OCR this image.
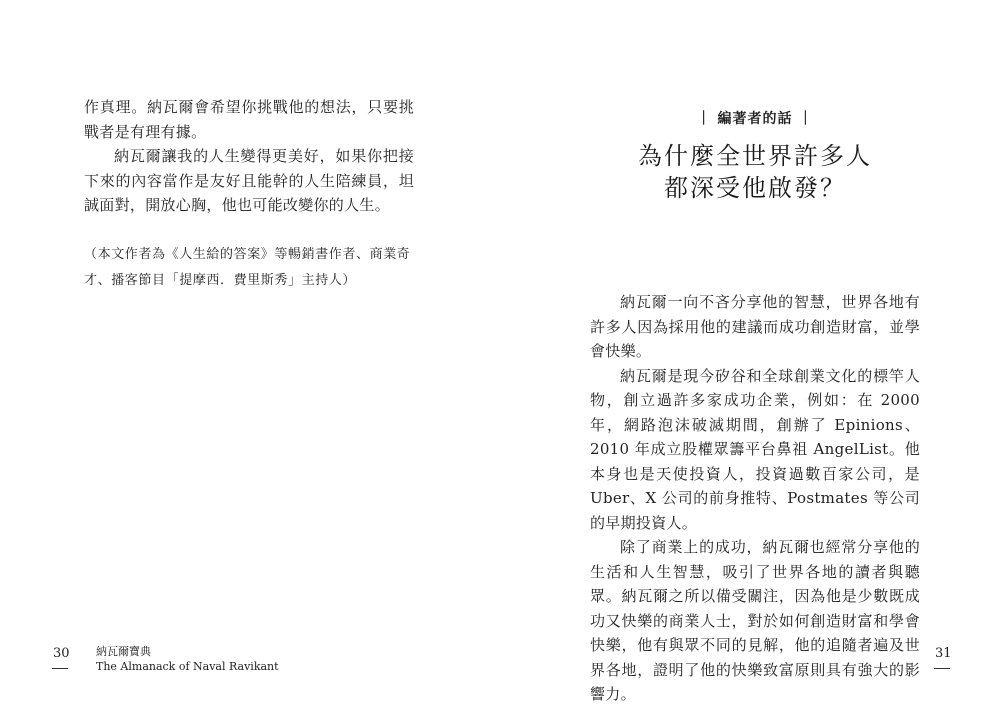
作真理。納瓦爾會希望你挑戰他的想法，只要挑戰者是有理有據。

納瓦爾讓我的人生變得更美好，如果你把接下來的內容當作是友好且能幹的人生陪練員，坦誠面對，開放心胸，他也可能改變你的人生。

（本文作者為《人生給的答案》等暢銷書作者、商業奇才、播客節目「提摩西．費里斯秀」主持人）

30 納瓦爾寶典
The Almanack of Naval Ravikant
｜ 編著者的話 ｜
為什麼全世界許多人
都深受他啟發？

納瓦爾一向不吝分享他的智慧，世界各地有許多人因為採用他的建議而成功創造財富，並學會快樂。

納瓦爾是現今矽谷和全球創業文化的標竿人物，創立過許多家成功企業，例如：在 2000 年，網路泡沫破滅期間，創辦了 Epinions、2010 年成立股權眾籌平台鼻祖 AngelList。他本身也是天使投資人，投資過數百家公司，是 Uber、X 公司的前身推特、Postmates 等公司的早期投資人。

除了商業上的成功，納瓦爾也經常分享他的生活和人生智慧，吸引了世界各地的讀者與聽眾。納瓦爾之所以備受關注，因為他是少數既成功又快樂的商業人士，對於如何創造財富和學會快樂，他有與眾不同的見解，他的追隨者遍及世界各地，證明了他的快樂致富原則具有強大的影響力。

31
